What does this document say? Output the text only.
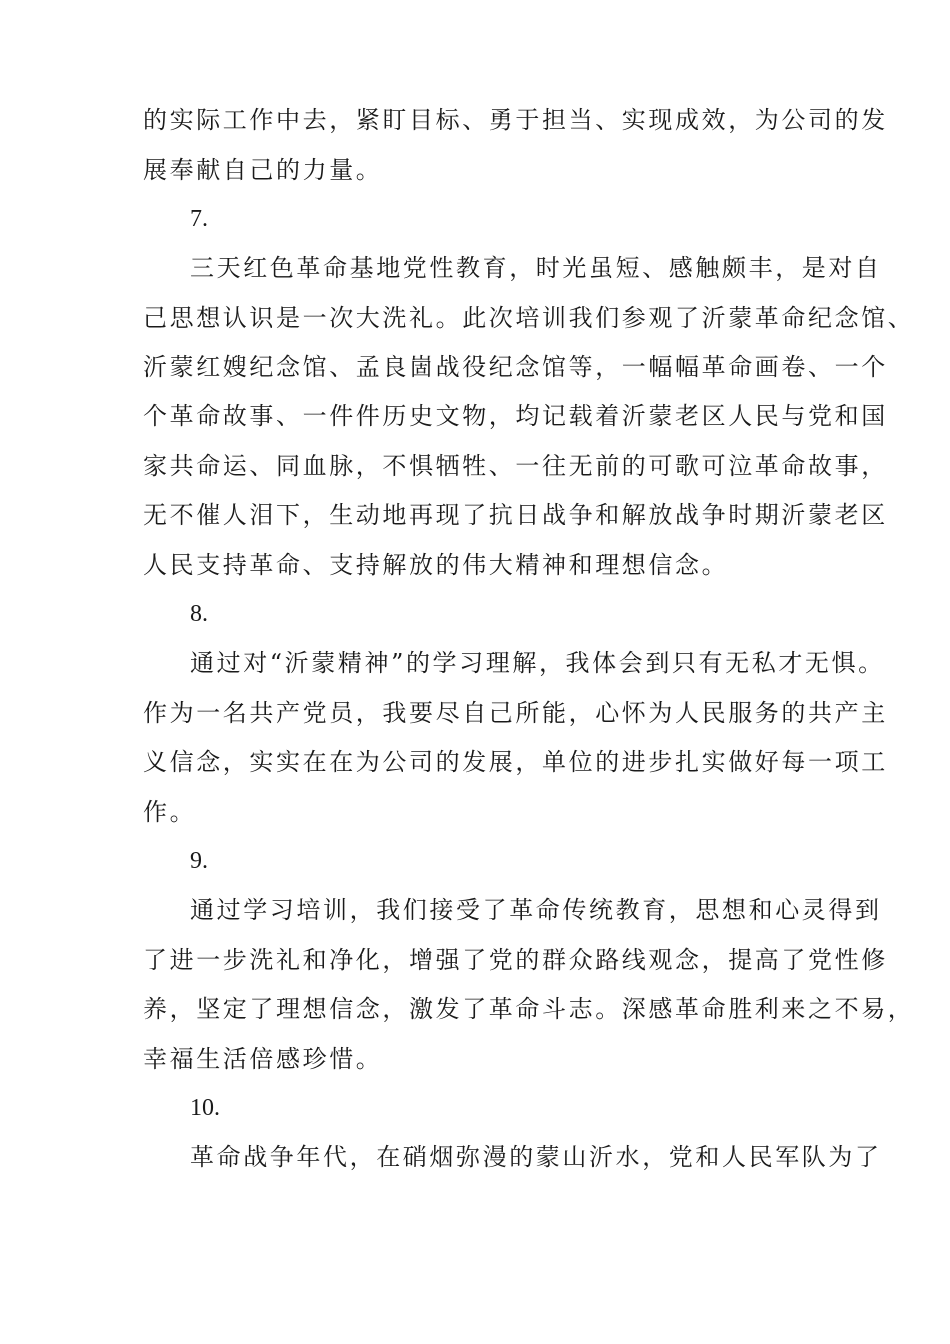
的实际工作中去，紧盯目标、勇于担当、实现成效，为公司的发
展奉献自己的力量。
7.
三天红色革命基地党性教育，时光虽短、感触颇丰，是对自
己思想认识是一次大洗礼。此次培训我们参观了沂蒙革命纪念馆、
沂蒙红嫂纪念馆、孟良崮战役纪念馆等，一幅幅革命画卷、一个
个革命故事、一件件历史文物，均记载着沂蒙老区人民与党和国
家共命运、同血脉，不惧牺牲、一往无前的可歌可泣革命故事，
无不催人泪下，生动地再现了抗日战争和解放战争时期沂蒙老区
人民支持革命、支持解放的伟大精神和理想信念。
8.
通过对“沂蒙精神”的学习理解，我体会到只有无私才无惧。
作为一名共产党员，我要尽自己所能，心怀为人民服务的共产主
义信念，实实在在为公司的发展，单位的进步扎实做好每一项工
作。
9.
通过学习培训，我们接受了革命传统教育，思想和心灵得到
了进一步洗礼和净化，增强了党的群众路线观念，提高了党性修
养，坚定了理想信念，激发了革命斗志。深感革命胜利来之不易，
幸福生活倍感珍惜。
10.
革命战争年代，在硝烟弥漫的蒙山沂水，党和人民军队为了
